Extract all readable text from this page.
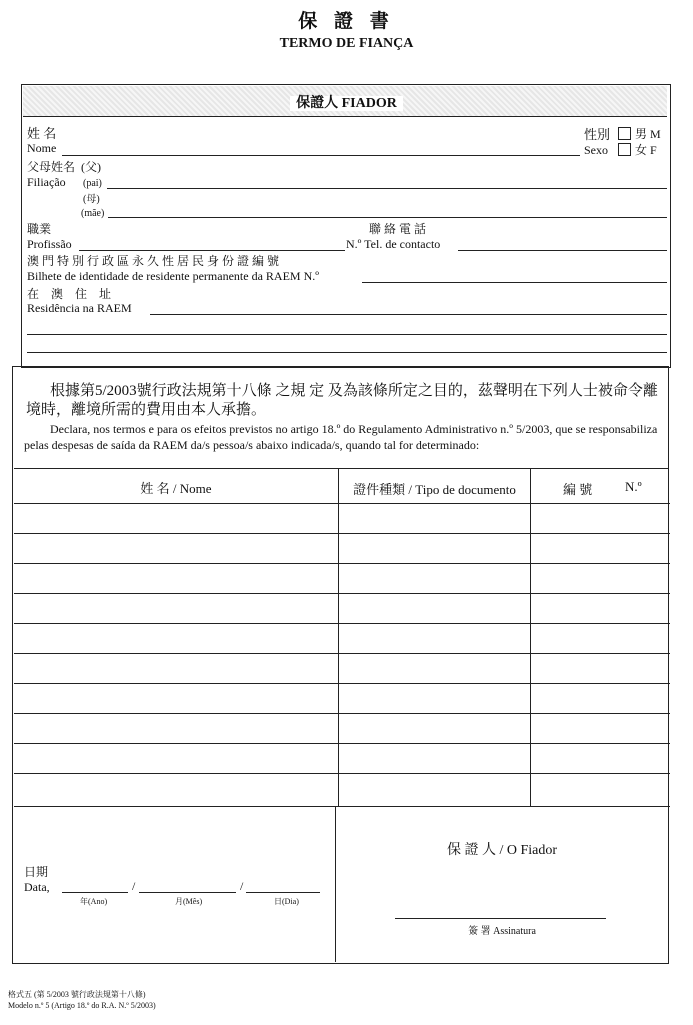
保 證 書
TERMO DE FIANÇA
保證人 FIADOR
姓 名
Nome
性別
Sexo
男 M
女 F
父母姓名 (父)
Filiação (pai)
(母)
(mãe)
職業
Profissão
聯 絡 電 話
N.º Tel. de contacto
澳 門 特 別 行 政 區 永 久 性 居 民 身 份 證 編 號
Bilhete de identidade de residente permanente da RAEM N.º
在　澳　住　址
Residência na RAEM
根據第5/2003號行政法規第十八條 之規 定 及為該條所定之目的，茲聲明在下列人士被命令離境時，離境所需的費用由本人承擔。
Declara, nos termos e para os efeitos previstos no artigo 18.º do Regulamento Administrativo n.º 5/2003, que se responsabiliza pelas despesas de saída da RAEM da/s pessoa/s abaixo indicada/s, quando tal for determinado:
姓 名 / Nome	證件種類 / Tipo de documento	編 號	N.º
日期
Data,	/	/
年(Ano)	月(Mês)	日(Dia)
保 證 人 / O Fiador
簽 署 Assinatura
格式五 (第 5/2003 號行政法規第十八條)
Modelo n.º 5 (Artigo 18.º do R.A. N.º 5/2003)
